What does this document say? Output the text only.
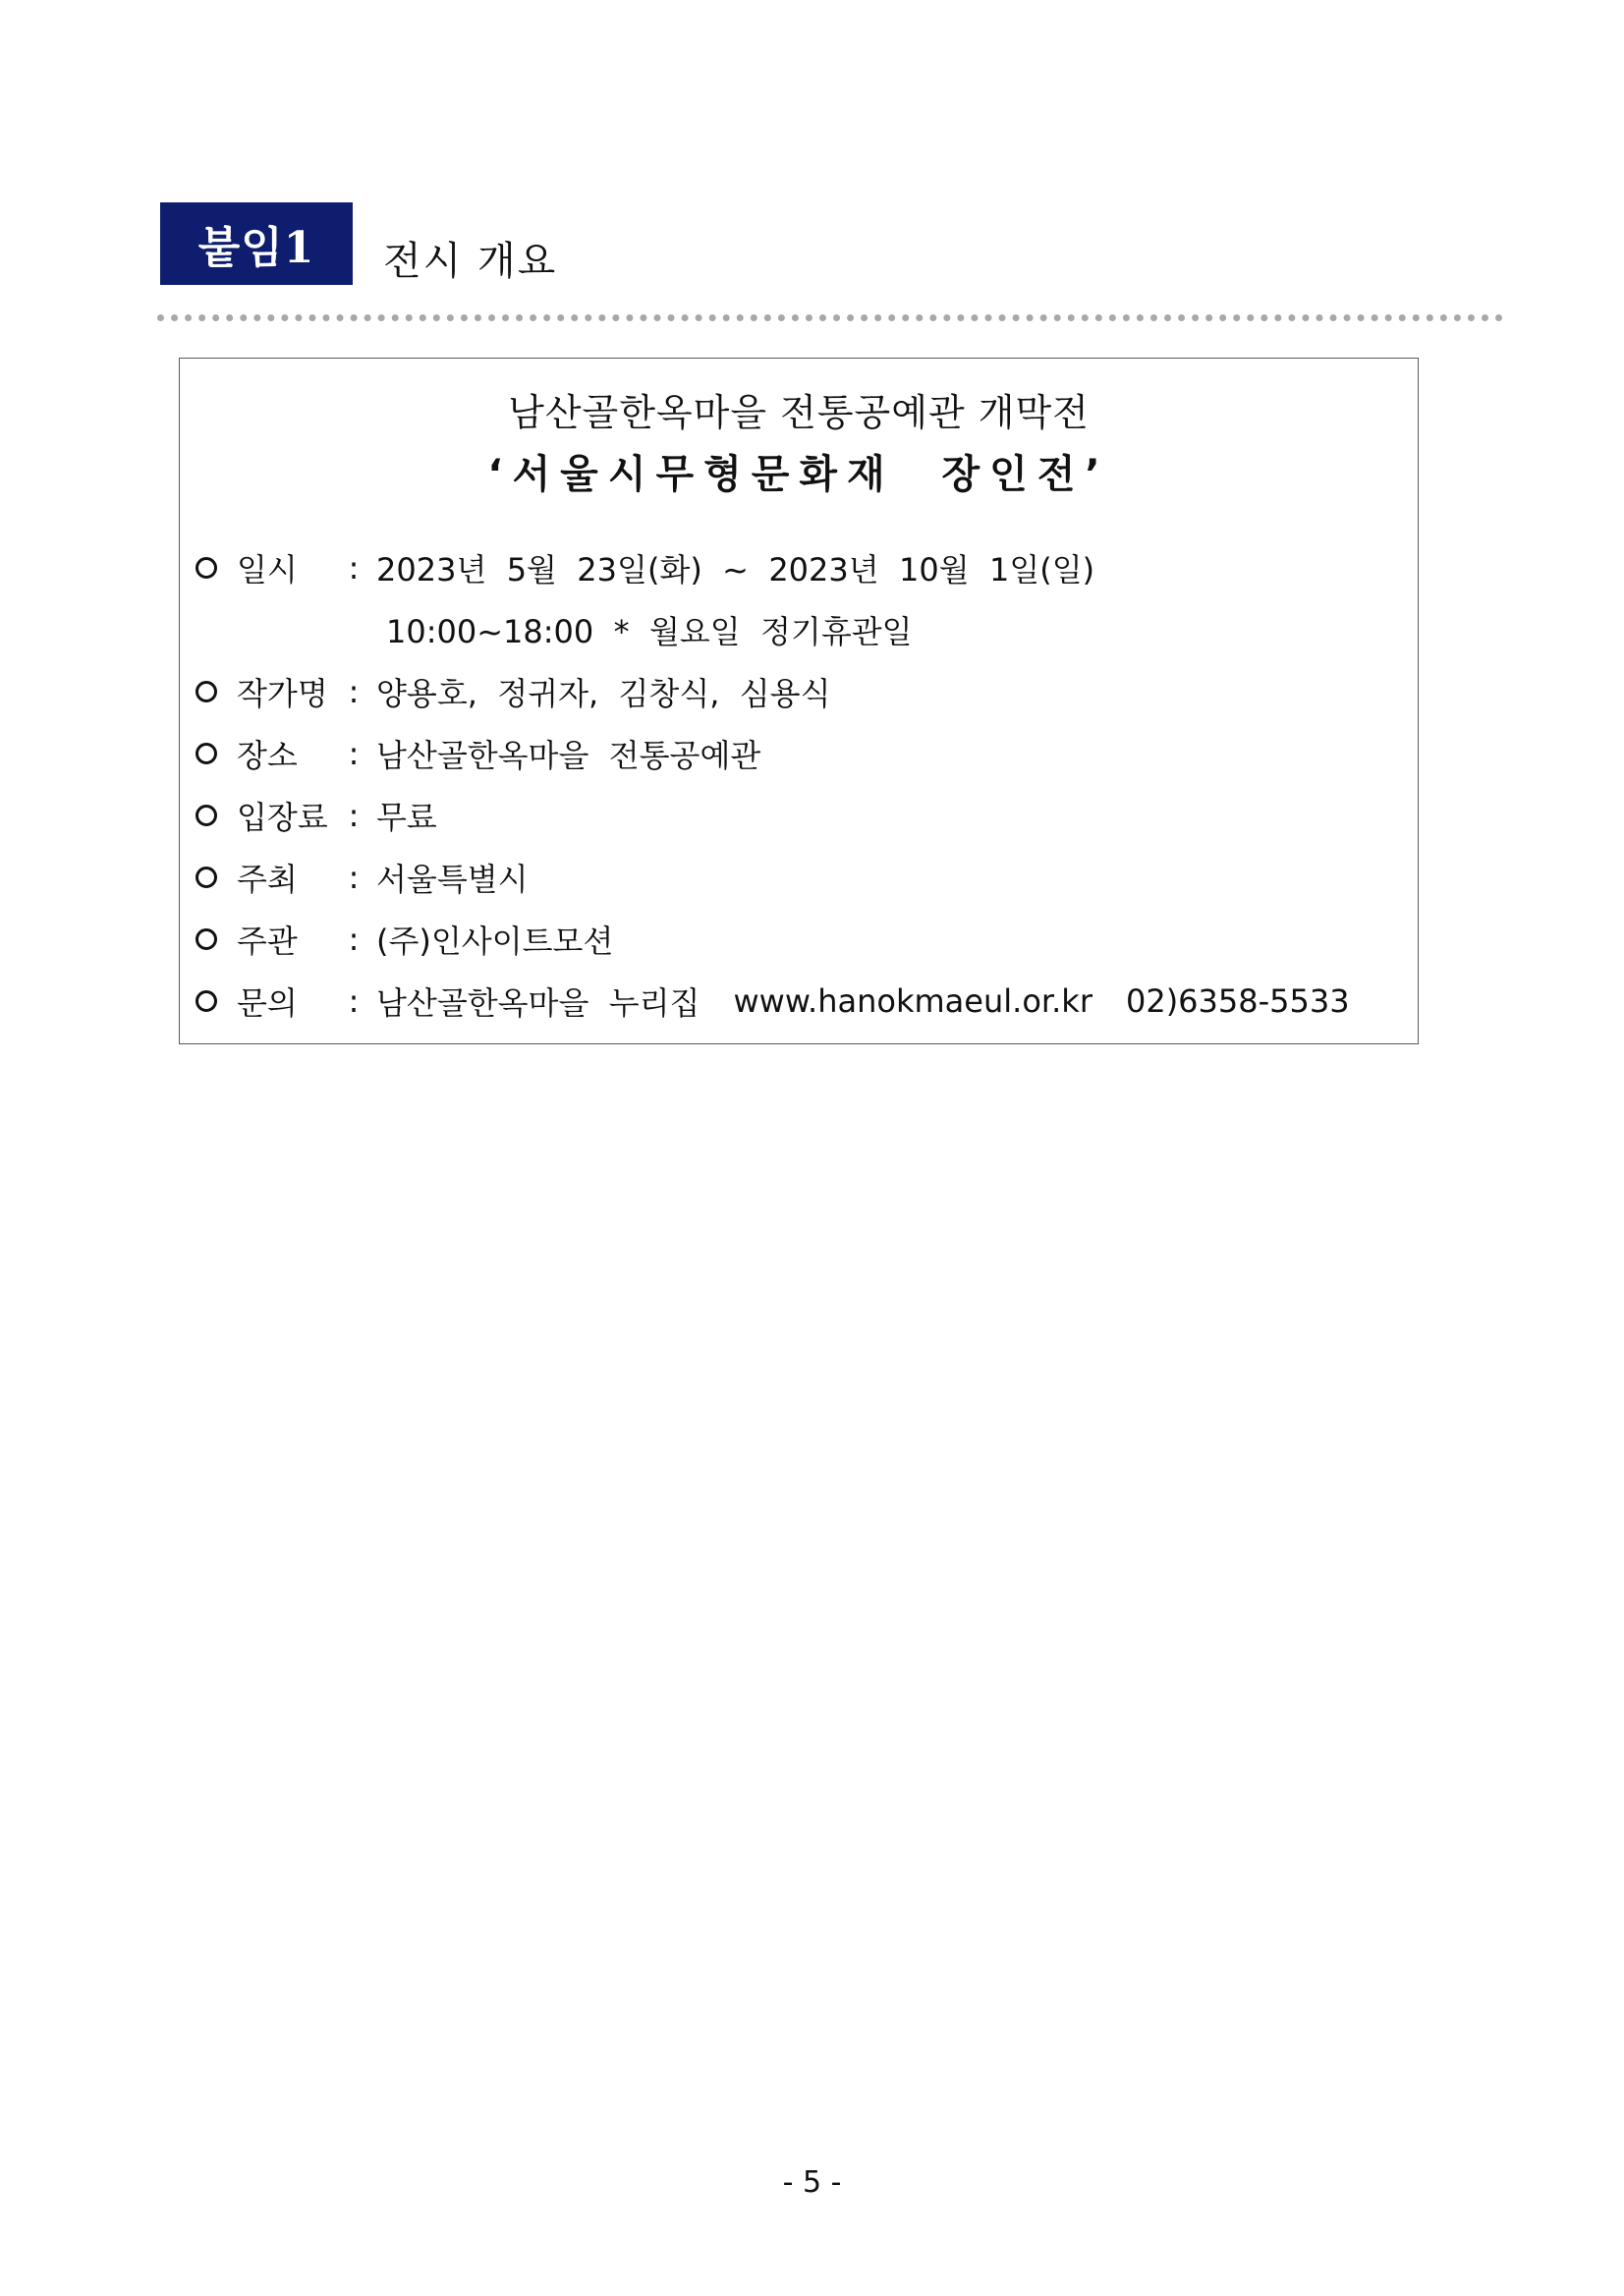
붙임1 전시 개요
남산골한옥마을 전통공예관 개막전
‘서울시무형문화재  장인전’
일시	: 2023년  5월  23일(화)  ~  2023년  10월  1일(일)
10:00~18:00  *  월요일  정기휴관일
작가명 : 양용호,  정귀자,  김창식,  심용식
장소	: 남산골한옥마을  전통공예관
입장료 : 무료
주최	: 서울특별시
주관	: (주)인사이트모션
문의	: 남산골한옥마을  누리집 www.hanokmaeul.or.kr 02)6358-5533
- 5 -
